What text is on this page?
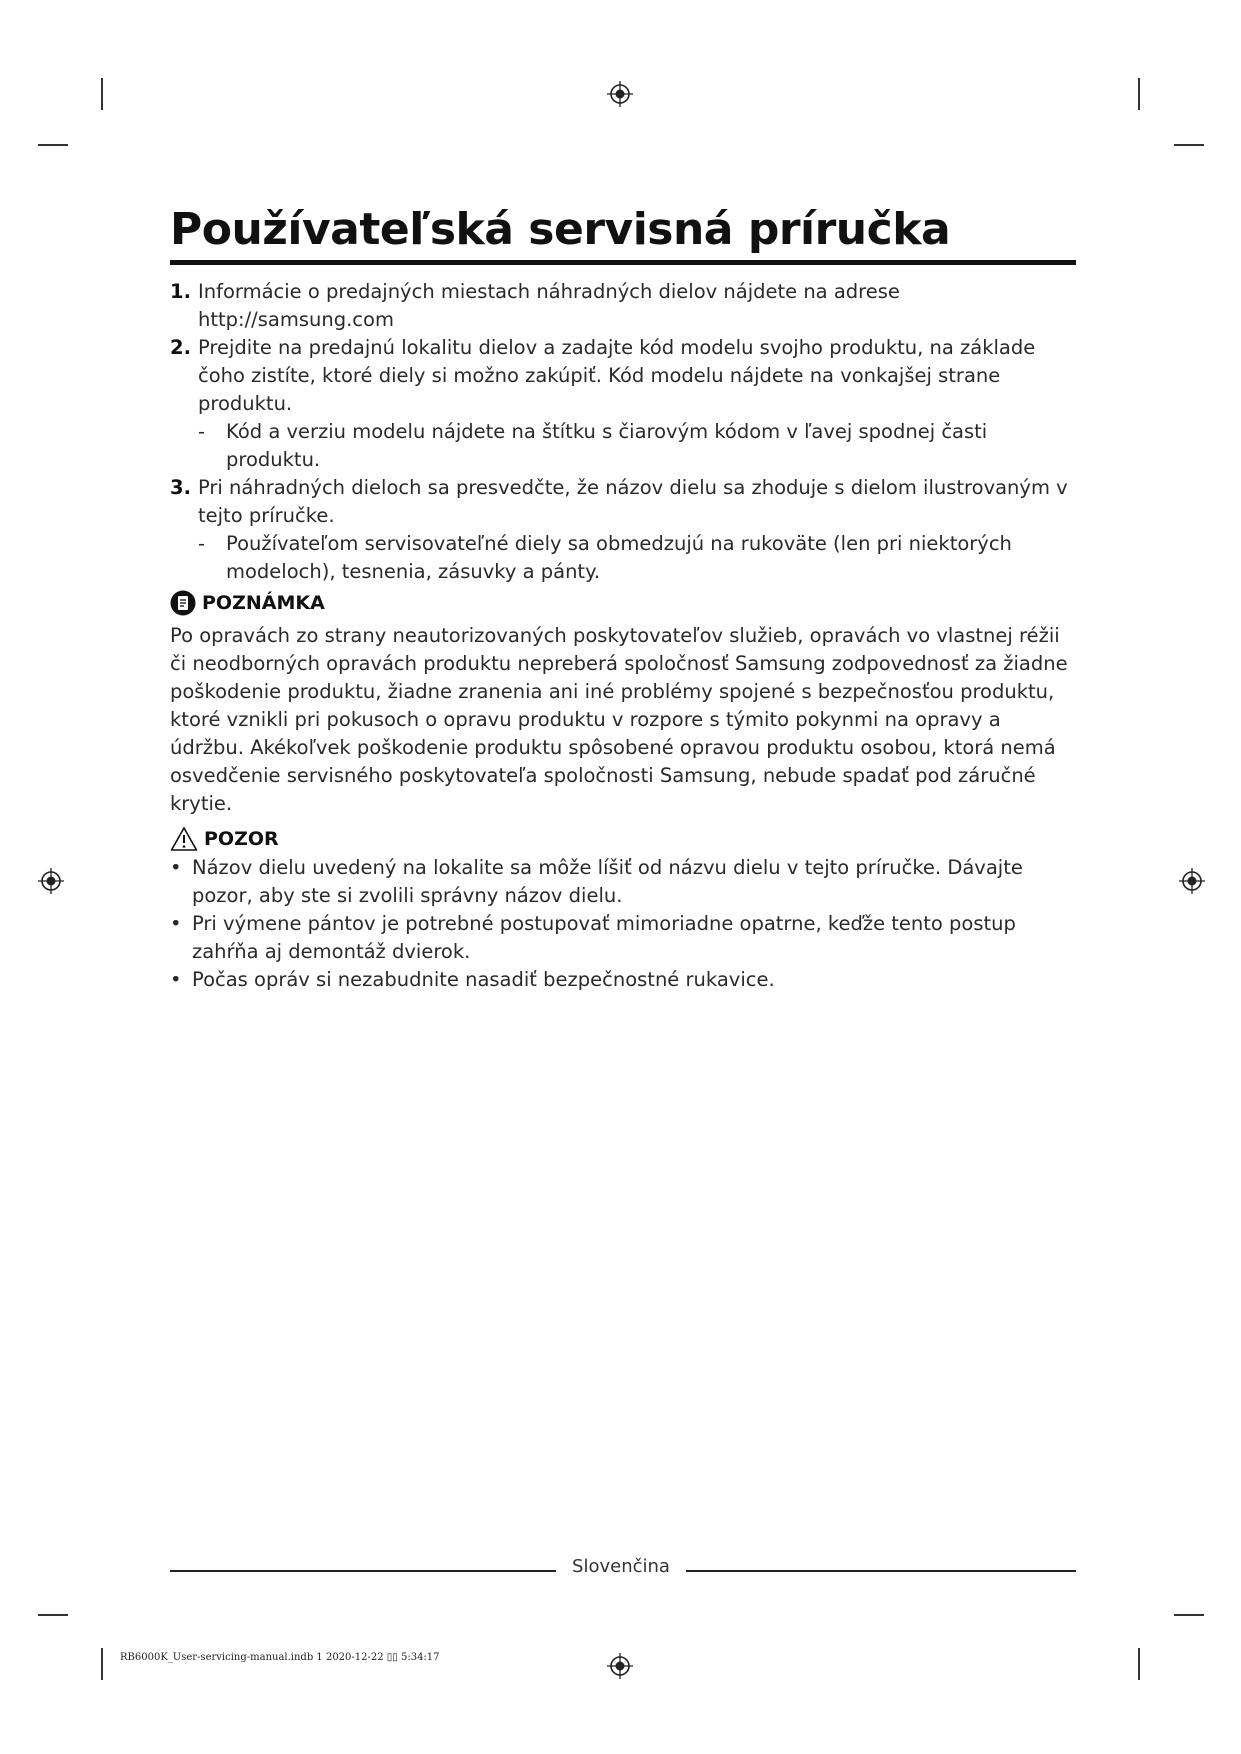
Používateľská servisná príručka
1. Informácie o predajných miestach náhradných dielov nájdete na adrese http://samsung.com
2. Prejdite na predajnú lokalitu dielov a zadajte kód modelu svojho produktu, na základe čoho zistíte, ktoré diely si možno zakúpiť. Kód modelu nájdete na vonkajšej strane produktu.
- Kód a verziu modelu nájdete na štítku s čiarovým kódom v ľavej spodnej časti produktu.
3. Pri náhradných dieloch sa presvedčte, že názov dielu sa zhoduje s dielom ilustrovaným v tejto príručke.
- Používateľom servisovateľné diely sa obmedzujú na rukoväte (len pri niektorých modeloch), tesnenia, zásuvky a pánty.
POZNÁMKA
Po opravách zo strany neautorizovaných poskytovateľov služieb, opravách vo vlastnej réžii či neodborných opravách produktu nepreberá spoločnosť Samsung zodpovednosť za žiadne poškodenie produktu, žiadne zranenia ani iné problémy spojené s bezpečnosťou produktu, ktoré vznikli pri pokusoch o opravu produktu v rozpore s týmito pokynmi na opravy a údržbu. Akékoľvek poškodenie produktu spôsobené opravou produktu osobou, ktorá nemá osvedčenie servisného poskytovateľa spoločnosti Samsung, nebude spadať pod záručné krytie.
POZOR
• Názov dielu uvedený na lokalite sa môže líšiť od názvu dielu v tejto príručke. Dávajte pozor, aby ste si zvolili správny názov dielu.
• Pri výmene pántov je potrebné postupovať mimoriadne opatrne, keďže tento postup zahŕňa aj demontáž dvierok.
• Počas opráv si nezabudnite nasadiť bezpečnostné rukavice.
Slovenčina
RB6000K_User-servicing-manual.indb 1 2020-12-22 ▯▯ 5:34:17
